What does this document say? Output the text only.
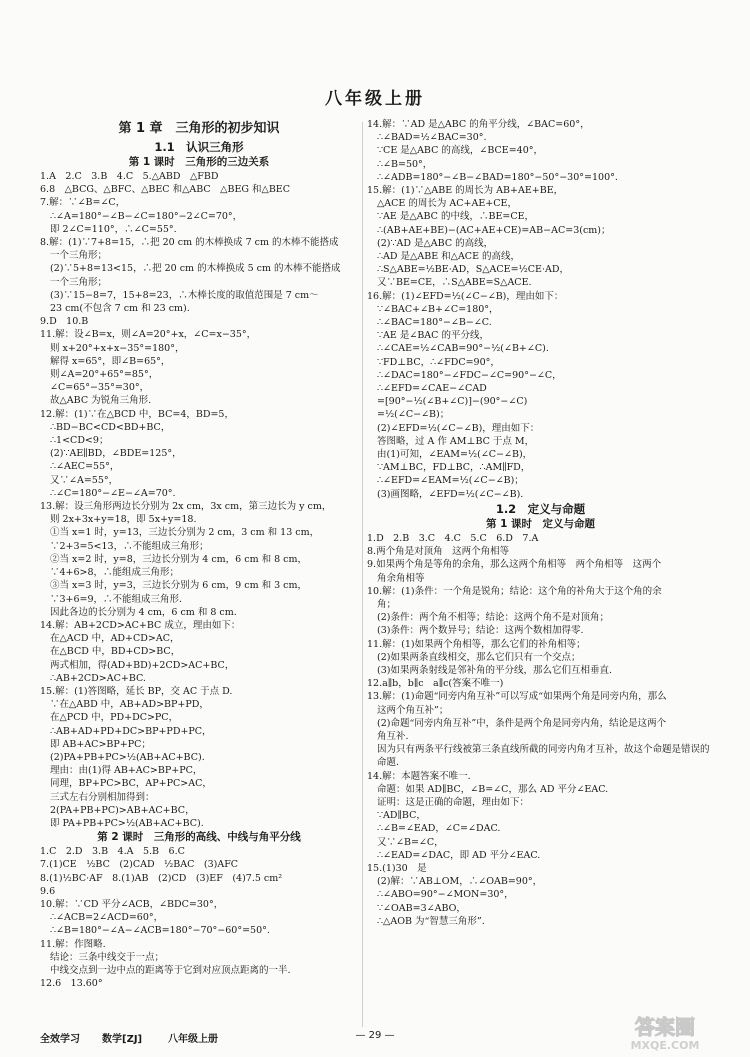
八年级上册
第 1 章　三角形的初步知识
1.1　认识三角形
第 1 课时　三角形的三边关系
1.A　2.C　3.B　4.C　5.△ABD　△FBD
6.8　△BCG、△BFC、△BEC 和△ABC　△BEG 和△BEC
7.解：∵∠B=∠C，
∴∠A=180°−∠B−∠C=180°−2∠C=70°，
即 2∠C=110°，∴∠C=55°.
8.解：(1)∵7+8=15，∴把 20 cm 的木棒换成 7 cm 的木棒不能搭成
一个三角形；
(2)∵5+8=13<15，∴把 20 cm 的木棒换成 5 cm 的木棒不能搭成
一个三角形；
(3)∵15−8=7，15+8=23，∴木棒长度的取值范围是 7 cm～
23 cm(不包含 7 cm 和 23 cm).
9.D　10.B
11.解：设∠B=x，则∠A=20°+x，∠C=x−35°，
则 x+20°+x+x−35°=180°，
解得 x=65°，即∠B=65°，
则∠A=20°+65°=85°，
∠C=65°−35°=30°，
故△ABC 为锐角三角形.
12.解：(1)∵在△BCD 中，BC=4，BD=5，
∴BD−BC<CD<BD+BC，
∴1<CD<9；
(2)∵AE∥BD，∠BDE=125°，
∴∠AEC=55°，
又∵∠A=55°，
∴∠C=180°−∠E−∠A=70°.
13.解：设三角形两边长分别为 2x cm，3x cm，第三边长为 y cm，
则 2x+3x+y=18，即 5x+y=18.
①当 x=1 时，y=13，三边长分别为 2 cm，3 cm 和 13 cm，
∵2+3=5<13，∴不能组成三角形；
②当 x=2 时，y=8，三边长分别为 4 cm，6 cm 和 8 cm，
∵4+6>8，∴能组成三角形；
③当 x=3 时，y=3，三边长分别为 6 cm，9 cm 和 3 cm，
∵3+6=9，∴不能组成三角形.
因此各边的长分别为 4 cm，6 cm 和 8 cm.
14.解：AB+2CD>AC+BC 成立，理由如下：
在△ACD 中，AD+CD>AC，
在△BCD 中，BD+CD>BC，
两式相加，得(AD+BD)+2CD>AC+BC，
∴AB+2CD>AC+BC.
15.解：(1)答图略，延长 BP，交 AC 于点 D.
∵在△ABD 中，AB+AD>BP+PD，
在△PCD 中，PD+DC>PC，
∴AB+AD+PD+DC>BP+PD+PC，
即 AB+AC>BP+PC；
(2)PA+PB+PC>½(AB+AC+BC).
理由：由(1)得 AB+AC>BP+PC，
同理，BP+PC>BC，AP+PC>AC，
三式左右分别相加得到：
2(PA+PB+PC)>AB+AC+BC，
即 PA+PB+PC>½(AB+AC+BC).
第 2 课时　三角形的高线、中线与角平分线
1.C　2.D　3.B　4.A　5.B　6.C
7.(1)CE　½BC　(2)CAD　½BAC　(3)AFC
8.(1)½BC·AF　8.(1)AB　(2)CD　(3)EF　(4)7.5 cm²
9.6
10.解：∵CD 平分∠ACB，∠BDC=30°，
∴∠ACB=2∠ACD=60°，
∴∠B=180°−∠A−∠ACB=180°−70°−60°=50°.
11.解：作图略.
结论：三条中线交于一点；
中线交点到一边中点的距离等于它到对应顶点距离的一半.
12.6　13.60°
14.解：∵AD 是△ABC 的角平分线，∠BAC=60°，
∴∠BAD=½∠BAC=30°.
∵CE 是△ABC 的高线，∠BCE=40°，
∴∠B=50°，
∴∠ADB=180°−∠B−∠BAD=180°−50°−30°=100°.
15.解：(1)∵△ABE 的周长为 AB+AE+BE，
△ACE 的周长为 AC+AE+CE，
∵AE 是△ABC 的中线，∴BE=CE，
∴(AB+AE+BE)−(AC+AE+CE)=AB−AC=3(cm)；
(2)∵AD 是△ABC 的高线，
∴AD 是△ABE 和△ACE 的高线，
∴S△ABE=½BE·AD，S△ACE=½CE·AD，
又∵BE=CE，∴S△ABE=S△ACE.
16.解：(1)∠EFD=½(∠C−∠B)，理由如下：
∵∠BAC+∠B+∠C=180°，
∴∠BAC=180°−∠B−∠C.
∵AE 是∠BAC 的平分线，
∴∠CAE=½∠CAB=90°−½(∠B+∠C).
∵FD⊥BC，∴∠FDC=90°，
∴∠DAC=180°−∠FDC−∠C=90°−∠C，
∴∠EFD=∠CAE−∠CAD
=[90°−½(∠B+∠C)]−(90°−∠C)
=½(∠C−∠B)；
(2)∠EFD=½(∠C−∠B)，理由如下：
答图略，过 A 作 AM⊥BC 于点 M，
由(1)可知，∠EAM=½(∠C−∠B)，
∵AM⊥BC，FD⊥BC，∴AM∥FD，
∴∠EFD=∠EAM=½(∠C−∠B)；
(3)画图略，∠EFD=½(∠C−∠B).
1.2　定义与命题
第 1 课时　定义与命题
1.D　2.B　3.C　4.C　5.C　6.D　7.A
8.两个角是对顶角　这两个角相等
9.如果两个角是等角的余角，那么这两个角相等　两个角相等　这两个
角余角相等
10.解：(1)条件：一个角是锐角；结论：这个角的补角大于这个角的余
角；
(2)条件：两个角不相等；结论：这两个角不是对顶角；
(3)条件：两个数异号；结论：这两个数相加得零.
11.解：(1)如果两个角相等，那么它们的补角相等；
(2)如果两条直线相交，那么它们只有一个交点；
(3)如果两条射线是邻补角的平分线，那么它们互相垂直.
12.a∥b，b∥c　a∥c(答案不唯一)
13.解：(1)命题“同旁内角互补”可以写成“如果两个角是同旁内角，那么
这两个角互补”；
(2)命题“同旁内角互补”中，条件是两个角是同旁内角，结论是这两个
角互补.
因为只有两条平行线被第三条直线所截的同旁内角才互补，故这个命题是错误的
命题.
14.解：本题答案不唯一.
命题：如果 AD∥BC，∠B=∠C，那么 AD 平分∠EAC.
证明：这是正确的命题，理由如下：
∵AD∥BC，
∴∠B=∠EAD，∠C=∠DAC.
又∵∠B=∠C，
∴∠EAD=∠DAC，即 AD 平分∠EAC.
15.(1)30　是
(2)解：∵AB⊥OM，∴∠OAB=90°，
∴∠ABO=90°−∠MON=30°，
∵∠OAB=3∠ABO，
∴△AOB 为“智慧三角形”.
全效学习 数学[ZJ]	八年级上册	— 29 —	答案圈
MXQE.COM
